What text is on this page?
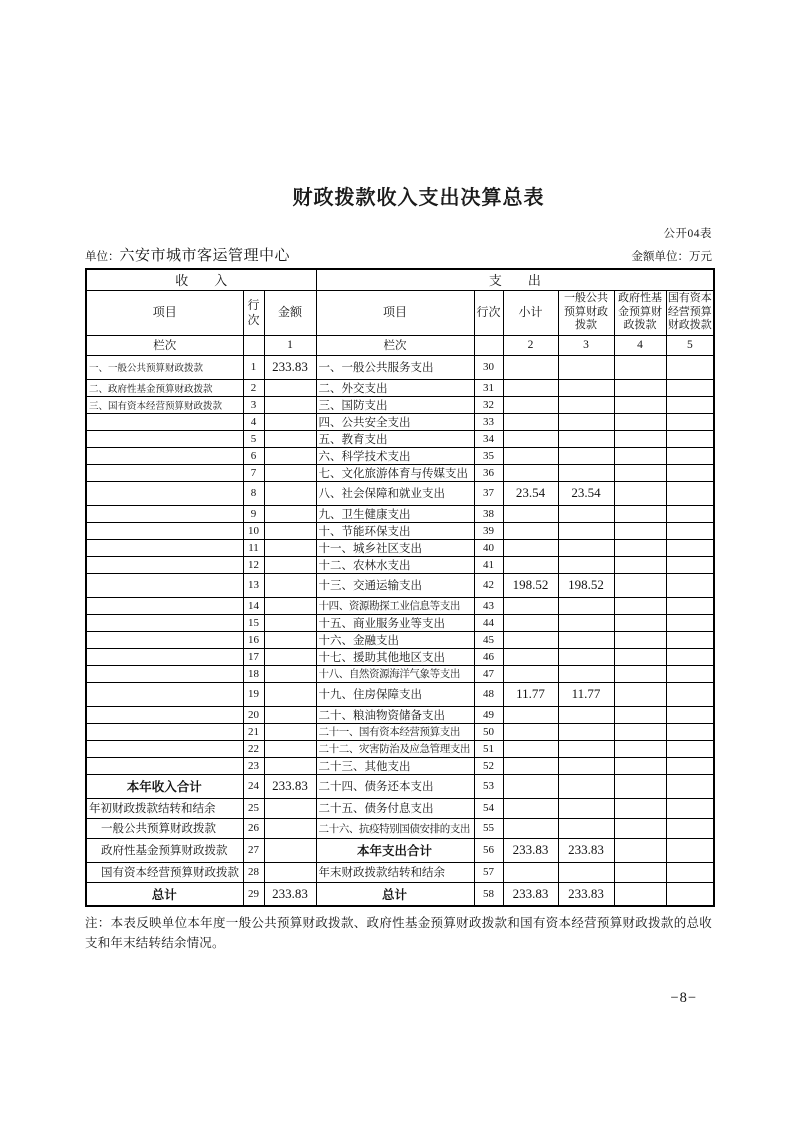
财政拨款收入支出决算总表
公开04表
单位：六安市城市客运管理中心	金额单位：万元
收　　入			支　　出					
项目	行次	金额	项目	行次	小计	一般公共预算财政拨款	政府性基金预算财政拨款	国有资本经营预算财政拨款
栏次		1	栏次		2	3	4	5
一、一般公共预算财政拨款	1	233.83	一、一般公共服务支出	30				
二、政府性基金预算财政拨款	2		二、外交支出	31				
三、国有资本经营预算财政拨款	3		三、国防支出	32				
	4		四、公共安全支出	33				
	5		五、教育支出	34				
	6		六、科学技术支出	35				
	7		七、文化旅游体育与传媒支出	36				
	8		八、社会保障和就业支出	37	23.54	23.54		
	9		九、卫生健康支出	38				
	10		十、节能环保支出	39				
	11		十一、城乡社区支出	40				
	12		十二、农林水支出	41				
	13		十三、交通运输支出	42	198.52	198.52		
	14		十四、资源勘探工业信息等支出	43				
	15		十五、商业服务业等支出	44				
	16		十六、金融支出	45				
	17		十七、援助其他地区支出	46				
	18		十八、自然资源海洋气象等支出	47				
	19		十九、住房保障支出	48	11.77	11.77		
	20		二十、粮油物资储备支出	49				
	21		二十一、国有资本经营预算支出	50				
	22		二十二、灾害防治及应急管理支出	51				
	23		二十三、其他支出	52				
本年收入合计	24	233.83	二十四、债务还本支出	53				
年初财政拨款结转和结余	25		二十五、债务付息支出	54				
一般公共预算财政拨款	26		二十六、抗疫特别国债安排的支出	55				
政府性基金预算财政拨款	27		本年支出合计	56	233.83	233.83		
国有资本经营预算财政拨款	28		年末财政拨款结转和结余	57				
总计	29	233.83	总计	58	233.83	233.83		
注：本表反映单位本年度一般公共预算财政拨款、政府性基金预算财政拨款和国有资本经营预算财政拨款的总收支和年末结转结余情况。
−8−
